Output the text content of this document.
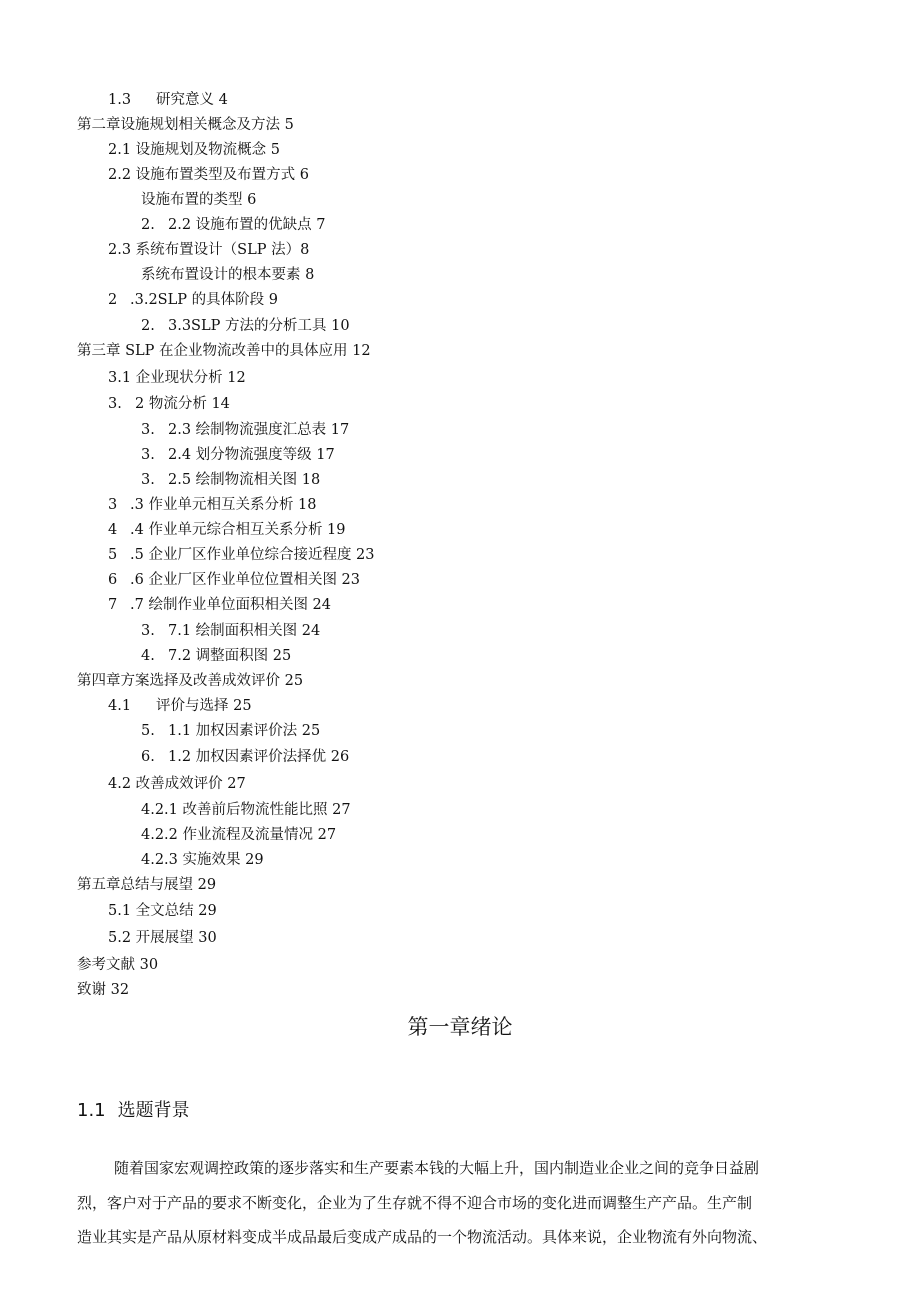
1.3 研究意义 4
第二章设施规划相关概念及方法 5
2.1 设施规划及物流概念 5
2.2 设施布置类型及布置方式 6
设施布置的类型 6
2. 2.2 设施布置的优缺点 7
2.3 系统布置设计（SLP 法）8
系统布置设计的根本要素 8
2 .3.2SLP 的具体阶段 9
2. 3.3SLP 方法的分析工具 10
第三章 SLP 在企业物流改善中的具体应用 12
3.1 企业现状分析 12
3. 2 物流分析 14
3. 2.3 绘制物流强度汇总表 17
3. 2.4 划分物流强度等级 17
3. 2.5 绘制物流相关图 18
3 .3 作业单元相互关系分析 18
4 .4 作业单元综合相互关系分析 19
5 .5 企业厂区作业单位综合接近程度 23
6 .6 企业厂区作业单位位置相关图 23
7 .7 绘制作业单位面积相关图 24
3. 7.1 绘制面积相关图 24
4. 7.2 调整面积图 25
第四章方案选择及改善成效评价 25
4.1 评价与选择 25
5. 1.1 加权因素评价法 25
6. 1.2 加权因素评价法择优 26
4.2 改善成效评价 27
4.2.1 改善前后物流性能比照 27
4.2.2 作业流程及流量情况 27
4.2.3 实施效果 29
第五章总结与展望 29
5.1 全文总结 29
5.2 开展展望 30
参考文献 30
致谢 32
第一章绪论
1.1 选题背景
随着国家宏观调控政策的逐步落实和生产要素本钱的大幅上升，国内制造业企业之间的竞争日益剧
烈，客户对于产品的要求不断变化，企业为了生存就不得不迎合市场的变化进而调整生产产品。生产制
造业其实是产品从原材料变成半成品最后变成产成品的一个物流活动。具体来说，企业物流有外向物流、
